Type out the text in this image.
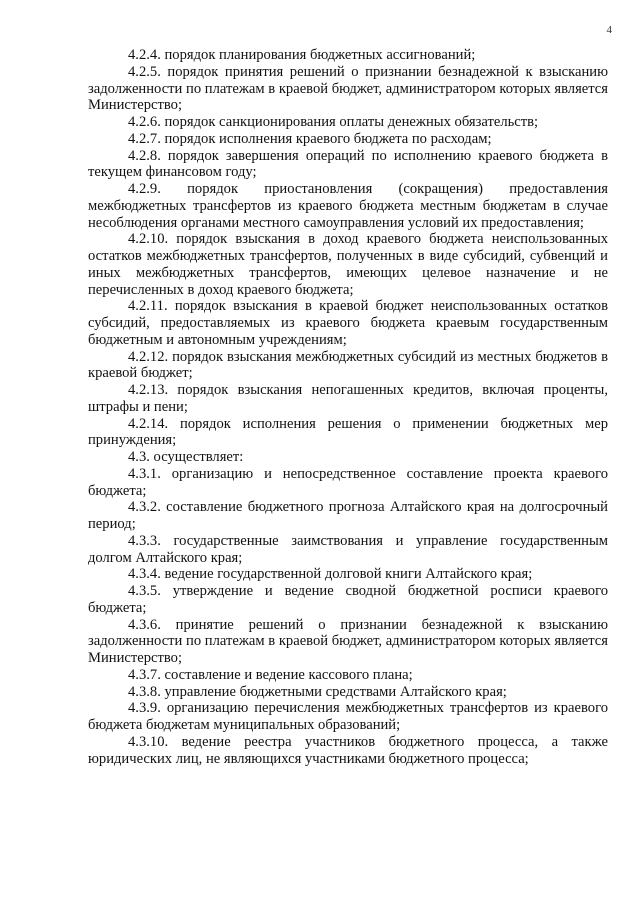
4

4.2.4. порядок планирования бюджетных ассигнований;

4.2.5. порядок принятия решений о признании безнадежной к взысканию задолженности по платежам в краевой бюджет, администратором которых является Министерство;

4.2.6. порядок санкционирования оплаты денежных обязательств;

4.2.7. порядок исполнения краевого бюджета по расходам;

4.2.8. порядок завершения операций по исполнению краевого бюджета в текущем финансовом году;

4.2.9. порядок приостановления (сокращения) предоставления межбюджетных трансфертов из краевого бюджета местным бюджетам в случае несоблюдения органами местного самоуправления условий их предоставления;

4.2.10. порядок взыскания в доход краевого бюджета неиспользованных остатков межбюджетных трансфертов, полученных в виде субсидий, субвенций и иных межбюджетных трансфертов, имеющих целевое назначение и не перечисленных в доход краевого бюджета;

4.2.11. порядок взыскания в краевой бюджет неиспользованных остатков субсидий, предоставляемых из краевого бюджета краевым государственным бюджетным и автономным учреждениям;

4.2.12. порядок взыскания межбюджетных субсидий из местных бюджетов в краевой бюджет;

4.2.13. порядок взыскания непогашенных кредитов, включая проценты, штрафы и пени;

4.2.14. порядок исполнения решения о применении бюджетных мер принуждения;

4.3. осуществляет:

4.3.1. организацию и непосредственное составление проекта краевого бюджета;

4.3.2. составление бюджетного прогноза Алтайского края на долгосрочный период;

4.3.3. государственные заимствования и управление государственным долгом Алтайского края;

4.3.4. ведение государственной долговой книги Алтайского края;

4.3.5. утверждение и ведение сводной бюджетной росписи краевого бюджета;

4.3.6. принятие решений о признании безнадежной к взысканию задолженности по платежам в краевой бюджет, администратором которых является Министерство;

4.3.7. составление и ведение кассового плана;

4.3.8. управление бюджетными средствами Алтайского края;

4.3.9. организацию перечисления межбюджетных трансфертов из краевого бюджета бюджетам муниципальных образований;

4.3.10. ведение реестра участников бюджетного процесса, а также юридических лиц, не являющихся участниками бюджетного процесса;
